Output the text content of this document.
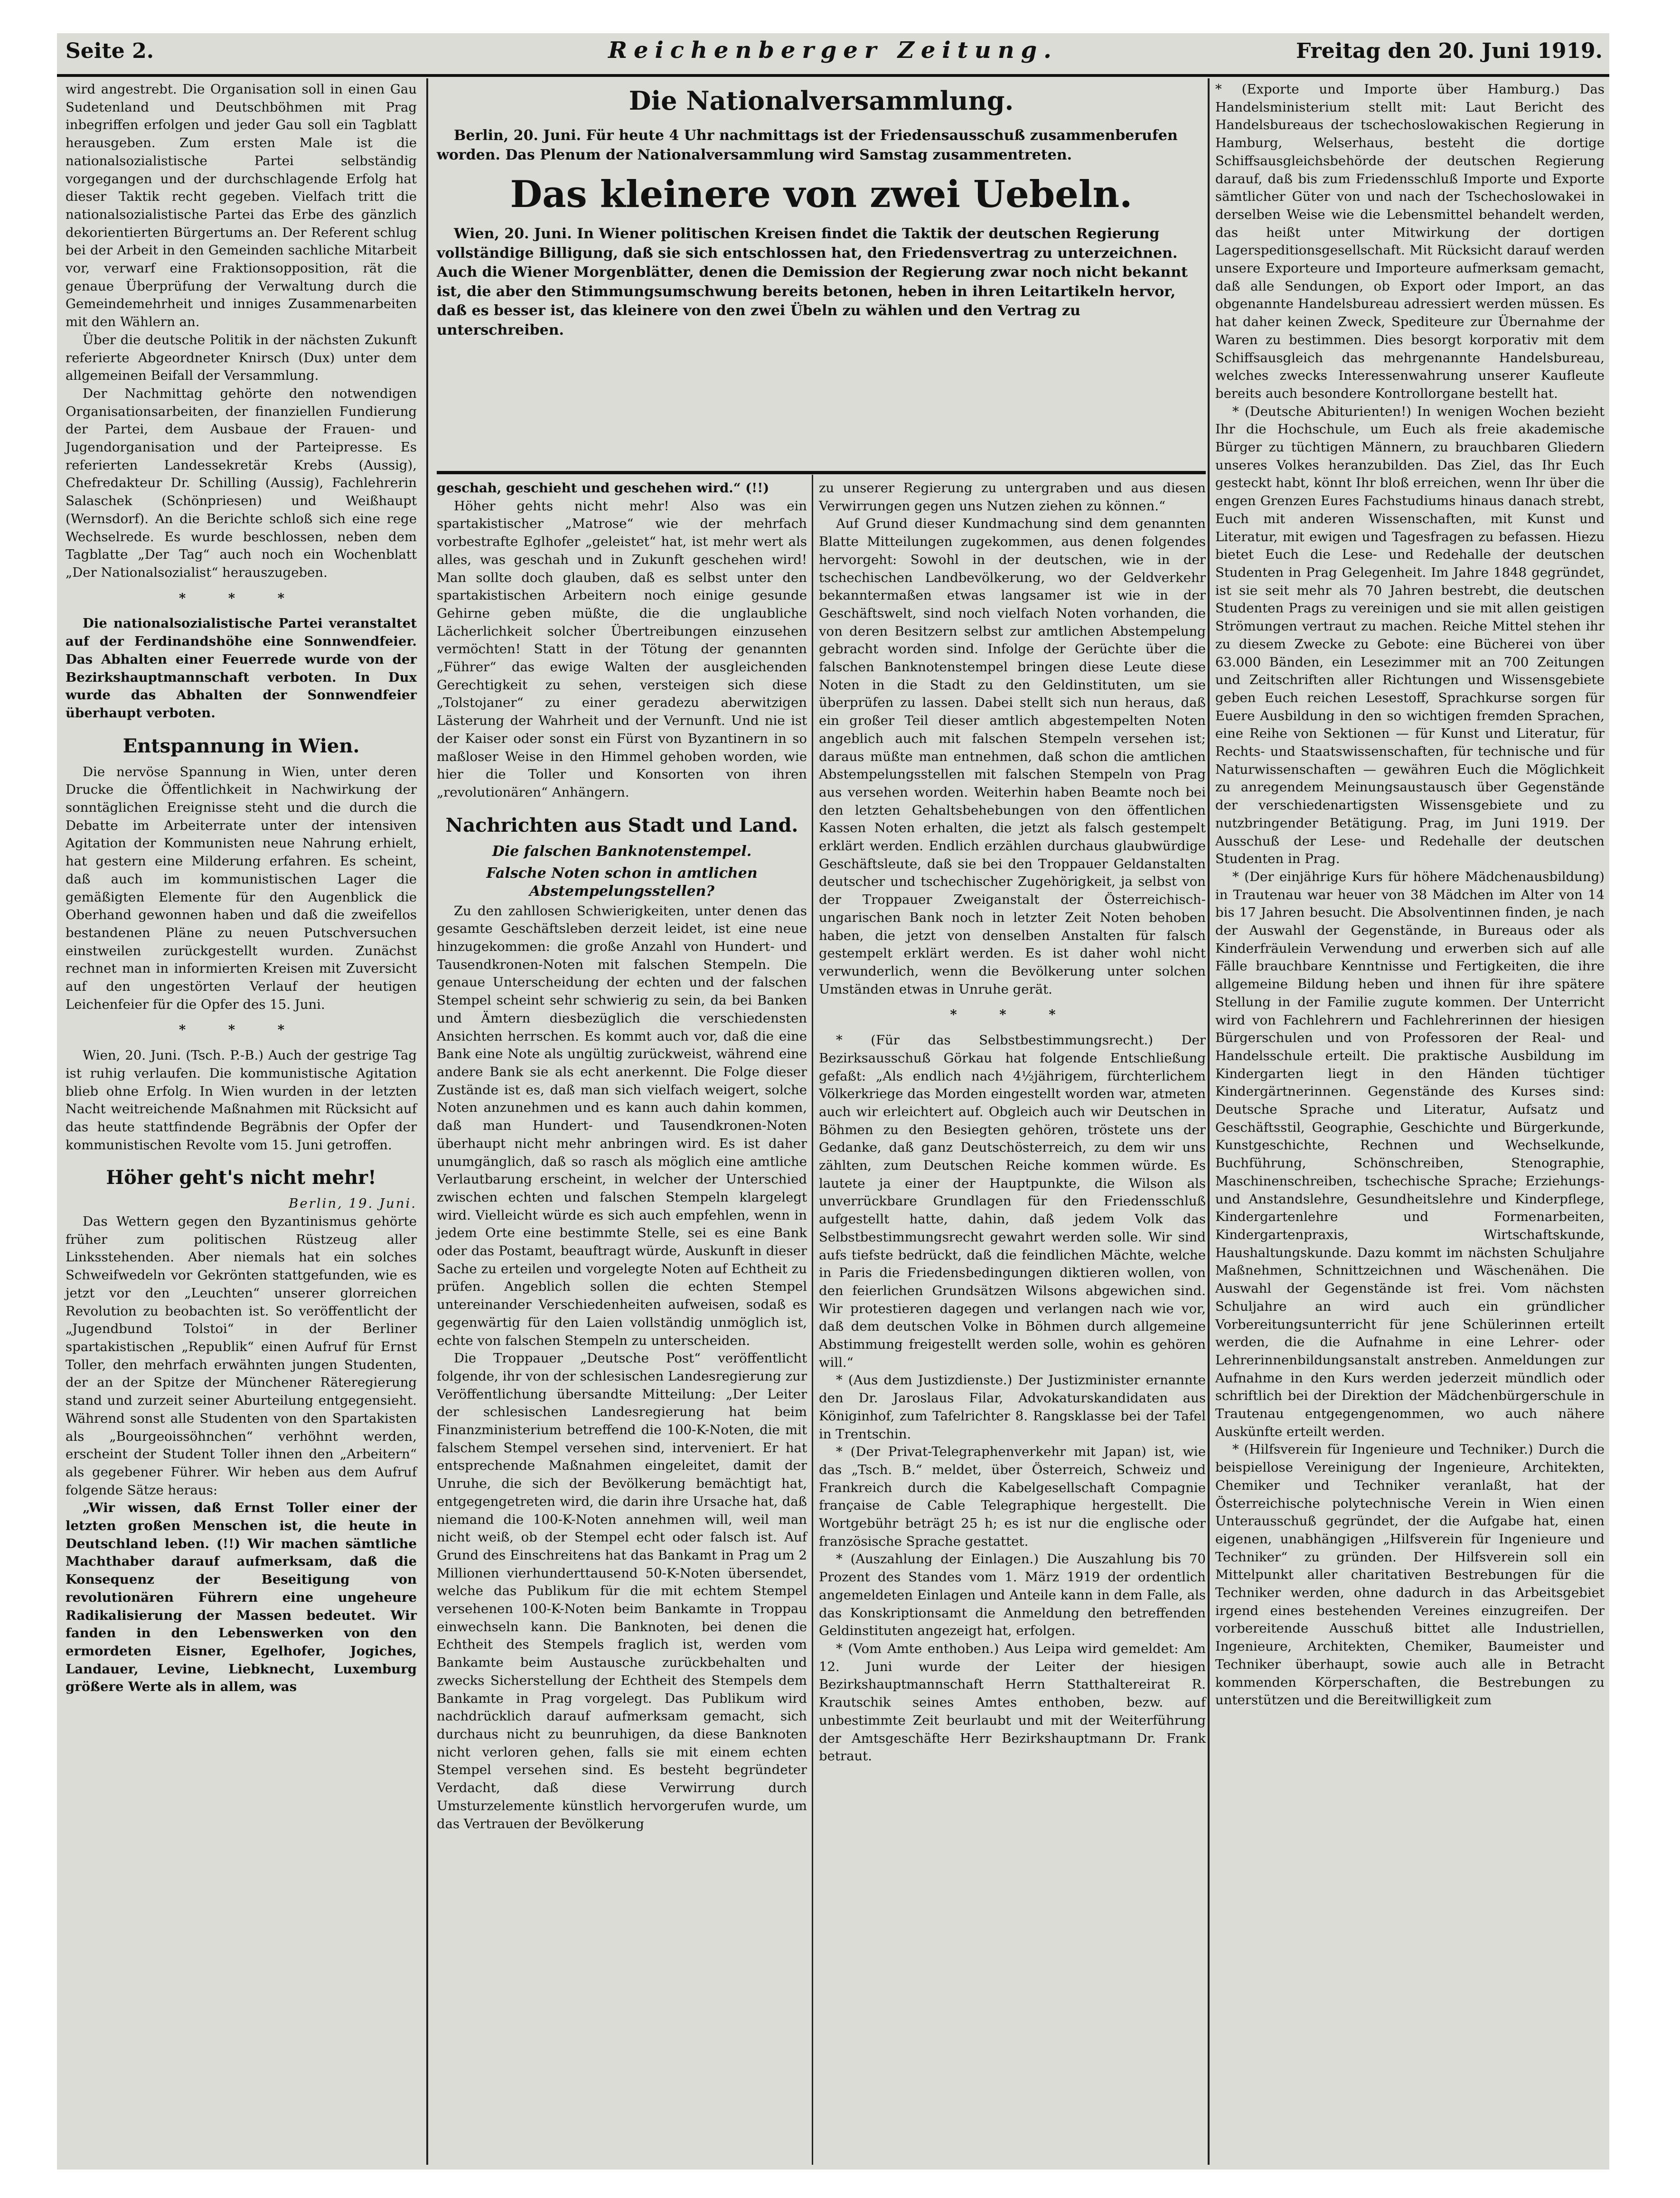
Seite 2.	Reichenberger Zeitung.	Freitag den 20. Juni 1919.

wird angestrebt. Die Organisation soll in einen Gau Sudetenland und Deutschböhmen mit Prag inbegriffen erfolgen und jeder Gau soll ein Tagblatt herausgeben. Zum ersten Male ist die nationalsozialistische Partei selbständig vorgegangen und der durchschlagende Erfolg hat dieser Taktik recht gegeben. Vielfach tritt die nationalsozialistische Partei das Erbe des gänzlich dekorientierten Bürgertums an. Der Referent schlug bei der Arbeit in den Gemeinden sachliche Mitarbeit vor, verwarf eine Fraktionsopposition, rät die genaue Überprüfung der Verwaltung durch die Gemeindemehrheit und inniges Zusammenarbeiten mit den Wählern an.

Über die deutsche Politik in der nächsten Zukunft referierte Abgeordneter Knirsch (Dux) unter dem allgemeinen Beifall der Versammlung.

Der Nachmittag gehörte den notwendigen Organisationsarbeiten, der finanziellen Fundierung der Partei, dem Ausbaue der Frauen- und Jugendorganisation und der Parteipresse. Es referierten Landessekretär Krebs (Aussig), Chefredakteur Dr. Schilling (Aussig), Fachlehrerin Salaschek (Schönpriesen) und Weißhaupt (Wernsdorf). An die Berichte schloß sich eine rege Wechselrede. Es wurde beschlossen, neben dem Tagblatte „Der Tag“ auch noch ein Wochenblatt „Der Nationalsozialist“ herauszugeben.

* * *

Die nationalsozialistische Partei veranstaltet auf der Ferdinandshöhe eine Sonnwendfeier. Das Abhalten einer Feuerrede wurde von der Bezirkshauptmannschaft verboten. In Dux wurde das Abhalten der Sonnwendfeier überhaupt verboten.

Entspannung in Wien.

Die nervöse Spannung in Wien, unter deren Drucke die Öffentlichkeit in Nachwirkung der sonntäglichen Ereignisse steht und die durch die Debatte im Arbeiterrate unter der intensiven Agitation der Kommunisten neue Nahrung erhielt, hat gestern eine Milderung erfahren. Es scheint, daß auch im kommunistischen Lager die gemäßigten Elemente für den Augenblick die Oberhand gewonnen haben und daß die zweifellos bestandenen Pläne zu neuen Putschversuchen einstweilen zurückgestellt wurden. Zunächst rechnet man in informierten Kreisen mit Zuversicht auf den ungestörten Verlauf der heutigen Leichenfeier für die Opfer des 15. Juni.

* * *

Wien, 20. Juni. (Tsch. P.-B.) Auch der gestrige Tag ist ruhig verlaufen. Die kommunistische Agitation blieb ohne Erfolg. In Wien wurden in der letzten Nacht weitreichende Maßnahmen mit Rücksicht auf das heute stattfindende Begräbnis der Opfer der kommunistischen Revolte vom 15. Juni getroffen.

Höher geht's nicht mehr!

Berlin, 19. Juni.

Das Wettern gegen den Byzantinismus gehörte früher zum politischen Rüstzeug aller Linksstehenden. Aber niemals hat ein solches Schweifwedeln vor Gekrönten stattgefunden, wie es jetzt vor den „Leuchten“ unserer glorreichen Revolution zu beobachten ist. So veröffentlicht der „Jugendbund Tolstoi“ in der Berliner spartakistischen „Republik“ einen Aufruf für Ernst Toller, den mehrfach erwähnten jungen Studenten, der an der Spitze der Münchener Räteregierung stand und zurzeit seiner Aburteilung entgegensieht. Während sonst alle Studenten von den Spartakisten als „Bourgeoissöhnchen“ verhöhnt werden, erscheint der Student Toller ihnen den „Arbeitern“ als gegebener Führer. Wir heben aus dem Aufruf folgende Sätze heraus:

„Wir wissen, daß Ernst Toller einer der letzten großen Menschen ist, die heute in Deutschland leben. (!!) Wir machen sämtliche Machthaber darauf aufmerksam, daß die Konsequenz der Beseitigung von revolutionären Führern eine ungeheure Radikalisierung der Massen bedeutet. Wir fanden in den Lebenswerken von den ermordeten Eisner, Egelhofer, Jogiches, Landauer, Levine, Liebknecht, Luxemburg größere Werte als in allem, was

Die Nationalversammlung.

Berlin, 20. Juni. Für heute 4 Uhr nachmittags ist der Friedensausschuß zusammenberufen worden. Das Plenum der Nationalversammlung wird Samstag zusammentreten.

Das kleinere von zwei Uebeln.

Wien, 20. Juni. In Wiener politischen Kreisen findet die Taktik der deutschen Regierung vollständige Billigung, daß sie sich entschlossen hat, den Friedensvertrag zu unterzeichnen. Auch die Wiener Morgenblätter, denen die Demission der Regierung zwar noch nicht bekannt ist, die aber den Stimmungsumschwung bereits betonen, heben in ihren Leitartikeln hervor, daß es besser ist, das kleinere von den zwei Übeln zu wählen und den Vertrag zu unterschreiben.

geschah, geschieht und geschehen wird.“ (!!)

Höher gehts nicht mehr! Also was ein spartakistischer „Matrose“ wie der mehrfach vorbestrafte Eglhofer „geleistet“ hat, ist mehr wert als alles, was geschah und in Zukunft geschehen wird! Man sollte doch glauben, daß es selbst unter den spartakistischen Arbeitern noch einige gesunde Gehirne geben müßte, die die unglaubliche Lächerlichkeit solcher Übertreibungen einzusehen vermöchten! Statt in der Tötung der genannten „Führer“ das ewige Walten der ausgleichenden Gerechtigkeit zu sehen, versteigen sich diese „Tolstojaner“ zu einer geradezu aberwitzigen Lästerung der Wahrheit und der Vernunft. Und nie ist der Kaiser oder sonst ein Fürst von Byzantinern in so maßloser Weise in den Himmel gehoben worden, wie hier die Toller und Konsorten von ihren „revolutionären“ Anhängern.

Nachrichten aus Stadt und Land.
Die falschen Banknotenstempel.
Falsche Noten schon in amtlichen Abstempelungsstellen?

Zu den zahllosen Schwierigkeiten, unter denen das gesamte Geschäftsleben derzeit leidet, ist eine neue hinzugekommen: die große Anzahl von Hundert- und Tausendkronen-Noten mit falschen Stempeln. Die genaue Unterscheidung der echten und der falschen Stempel scheint sehr schwierig zu sein, da bei Banken und Ämtern diesbezüglich die verschiedensten Ansichten herrschen. Es kommt auch vor, daß die eine Bank eine Note als ungültig zurückweist, während eine andere Bank sie als echt anerkennt. Die Folge dieser Zustände ist es, daß man sich vielfach weigert, solche Noten anzunehmen und es kann auch dahin kommen, daß man Hundert- und Tausendkronen-Noten überhaupt nicht mehr anbringen wird. Es ist daher unumgänglich, daß so rasch als möglich eine amtliche Verlautbarung erscheint, in welcher der Unterschied zwischen echten und falschen Stempeln klargelegt wird. Vielleicht würde es sich auch empfehlen, wenn in jedem Orte eine bestimmte Stelle, sei es eine Bank oder das Postamt, beauftragt würde, Auskunft in dieser Sache zu erteilen und vorgelegte Noten auf Echtheit zu prüfen. Angeblich sollen die echten Stempel untereinander Verschiedenheiten aufweisen, sodaß es gegenwärtig für den Laien vollständig unmöglich ist, echte von falschen Stempeln zu unterscheiden.

Die Troppauer „Deutsche Post“ veröffentlicht folgende, ihr von der schlesischen Landesregierung zur Veröffentlichung übersandte Mitteilung: „Der Leiter der schlesischen Landesregierung hat beim Finanzministerium betreffend die 100-K-Noten, die mit falschem Stempel versehen sind, interveniert. Er hat entsprechende Maßnahmen eingeleitet, damit der Unruhe, die sich der Bevölkerung bemächtigt hat, entgegengetreten wird, die darin ihre Ursache hat, daß niemand die 100-K-Noten annehmen will, weil man nicht weiß, ob der Stempel echt oder falsch ist. Auf Grund des Einschreitens hat das Bankamt in Prag um 2 Millionen vierhunderttausend 50-K-Noten übersendet, welche das Publikum für die mit echtem Stempel versehenen 100-K-Noten beim Bankamte in Troppau einwechseln kann. Die Banknoten, bei denen die Echtheit des Stempels fraglich ist, werden vom Bankamte beim Austausche zurückbehalten und zwecks Sicherstellung der Echtheit des Stempels dem Bankamte in Prag vorgelegt. Das Publikum wird nachdrücklich darauf aufmerksam gemacht, sich durchaus nicht zu beunruhigen, da diese Banknoten nicht verloren gehen, falls sie mit einem echten Stempel versehen sind. Es besteht begründeter Verdacht, daß diese Verwirrung durch Umsturzelemente künstlich hervorgerufen wurde, um das Vertrauen der Bevölkerung

zu unserer Regierung zu untergraben und aus diesen Verwirrungen gegen uns Nutzen ziehen zu können.“

Auf Grund dieser Kundmachung sind dem genannten Blatte Mitteilungen zugekommen, aus denen folgendes hervorgeht: Sowohl in der deutschen, wie in der tschechischen Landbevölkerung, wo der Geldverkehr bekanntermaßen etwas langsamer ist wie in der Geschäftswelt, sind noch vielfach Noten vorhanden, die von deren Besitzern selbst zur amtlichen Abstempelung gebracht worden sind. Infolge der Gerüchte über die falschen Banknotenstempel bringen diese Leute diese Noten in die Stadt zu den Geldinstituten, um sie überprüfen zu lassen. Dabei stellt sich nun heraus, daß ein großer Teil dieser amtlich abgestempelten Noten angeblich auch mit falschen Stempeln versehen ist; daraus müßte man entnehmen, daß schon die amtlichen Abstempelungsstellen mit falschen Stempeln von Prag aus versehen worden. Weiterhin haben Beamte noch bei den letzten Gehaltsbehebungen von den öffentlichen Kassen Noten erhalten, die jetzt als falsch gestempelt erklärt werden. Endlich erzählen durchaus glaubwürdige Geschäftsleute, daß sie bei den Troppauer Geldanstalten deutscher und tschechischer Zugehörigkeit, ja selbst von der Troppauer Zweiganstalt der Österreichisch-ungarischen Bank noch in letzter Zeit Noten behoben haben, die jetzt von denselben Anstalten für falsch gestempelt erklärt werden. Es ist daher wohl nicht verwunderlich, wenn die Bevölkerung unter solchen Umständen etwas in Unruhe gerät.

* * *

* (Für das Selbstbestimmungsrecht.) Der Bezirksausschuß Görkau hat folgende Entschließung gefaßt: „Als endlich nach 4½jährigem, fürchterlichem Völkerkriege das Morden eingestellt worden war, atmeten auch wir erleichtert auf. Obgleich auch wir Deutschen in Böhmen zu den Besiegten gehören, tröstete uns der Gedanke, daß ganz Deutschösterreich, zu dem wir uns zählten, zum Deutschen Reiche kommen würde. Es lautete ja einer der Hauptpunkte, die Wilson als unverrückbare Grundlagen für den Friedensschluß aufgestellt hatte, dahin, daß jedem Volk das Selbstbestimmungsrecht gewahrt werden solle. Wir sind aufs tiefste bedrückt, daß die feindlichen Mächte, welche in Paris die Friedensbedingungen diktieren wollen, von den feierlichen Grundsätzen Wilsons abgewichen sind. Wir protestieren dagegen und verlangen nach wie vor, daß dem deutschen Volke in Böhmen durch allgemeine Abstimmung freigestellt werden solle, wohin es gehören will.“

* (Aus dem Justizdienste.) Der Justizminister ernannte den Dr. Jaroslaus Filar, Advokaturskandidaten aus Königinhof, zum Tafelrichter 8. Rangsklasse bei der Tafel in Trentschin.

* (Der Privat-Telegraphenverkehr mit Japan) ist, wie das „Tsch. B.“ meldet, über Österreich, Schweiz und Frankreich durch die Kabelgesellschaft Compagnie française de Cable Telegraphique hergestellt. Die Wortgebühr beträgt 25 h; es ist nur die englische oder französische Sprache gestattet.

* (Auszahlung der Einlagen.) Die Auszahlung bis 70 Prozent des Standes vom 1. März 1919 der ordentlich angemeldeten Einlagen und Anteile kann in dem Falle, als das Konskriptionsamt die Anmeldung den betreffenden Geldinstituten angezeigt hat, erfolgen.

* (Vom Amte enthoben.) Aus Leipa wird gemeldet: Am 12. Juni wurde der Leiter der hiesigen Bezirkshauptmannschaft Herrn Statthaltereirat R. Krautschik seines Amtes enthoben, bezw. auf unbestimmte Zeit beurlaubt und mit der Weiterführung der Amtsgeschäfte Herr Bezirkshauptmann Dr. Frank betraut.

* (Exporte und Importe über Hamburg.) Das Handelsministerium stellt mit: Laut Bericht des Handelsbureaus der tschechoslowakischen Regierung in Hamburg, Welserhaus, besteht die dortige Schiffsausgleichsbehörde der deutschen Regierung darauf, daß bis zum Friedensschluß Importe und Exporte sämtlicher Güter von und nach der Tschechoslowakei in derselben Weise wie die Lebensmittel behandelt werden, das heißt unter Mitwirkung der dortigen Lagerspeditionsgesellschaft. Mit Rücksicht darauf werden unsere Exporteure und Importeure aufmerksam gemacht, daß alle Sendungen, ob Export oder Import, an das obgenannte Handelsbureau adressiert werden müssen. Es hat daher keinen Zweck, Spediteure zur Übernahme der Waren zu bestimmen. Dies besorgt korporativ mit dem Schiffsausgleich das mehrgenannte Handelsbureau, welches zwecks Interessenwahrung unserer Kaufleute bereits auch besondere Kontrollorgane bestellt hat.

* (Deutsche Abiturienten!) In wenigen Wochen bezieht Ihr die Hochschule, um Euch als freie akademische Bürger zu tüchtigen Männern, zu brauchbaren Gliedern unseres Volkes heranzubilden. Das Ziel, das Ihr Euch gesteckt habt, könnt Ihr bloß erreichen, wenn Ihr über die engen Grenzen Eures Fachstudiums hinaus danach strebt, Euch mit anderen Wissenschaften, mit Kunst und Literatur, mit ewigen und Tagesfragen zu befassen. Hiezu bietet Euch die Lese- und Redehalle der deutschen Studenten in Prag Gelegenheit. Im Jahre 1848 gegründet, ist sie seit mehr als 70 Jahren bestrebt, die deutschen Studenten Prags zu vereinigen und sie mit allen geistigen Strömungen vertraut zu machen. Reiche Mittel stehen ihr zu diesem Zwecke zu Gebote: eine Bücherei von über 63.000 Bänden, ein Lesezimmer mit an 700 Zeitungen und Zeitschriften aller Richtungen und Wissensgebiete geben Euch reichen Lesestoff, Sprachkurse sorgen für Euere Ausbildung in den so wichtigen fremden Sprachen, eine Reihe von Sektionen — für Kunst und Literatur, für Rechts- und Staatswissenschaften, für technische und für Naturwissenschaften — gewähren Euch die Möglichkeit zu anregendem Meinungsaustausch über Gegenstände der verschiedenartigsten Wissensgebiete und zu nutzbringender Betätigung. Prag, im Juni 1919. Der Ausschuß der Lese- und Redehalle der deutschen Studenten in Prag.

* (Der einjährige Kurs für höhere Mädchenausbildung) in Trautenau war heuer von 38 Mädchen im Alter von 14 bis 17 Jahren besucht. Die Absolventinnen finden, je nach der Auswahl der Gegenstände, in Bureaus oder als Kinderfräulein Verwendung und erwerben sich auf alle Fälle brauchbare Kenntnisse und Fertigkeiten, die ihre allgemeine Bildung heben und ihnen für ihre spätere Stellung in der Familie zugute kommen. Der Unterricht wird von Fachlehrern und Fachlehrerinnen der hiesigen Bürgerschulen und von Professoren der Real- und Handelsschule erteilt. Die praktische Ausbildung im Kindergarten liegt in den Händen tüchtiger Kindergärtnerinnen. Gegenstände des Kurses sind: Deutsche Sprache und Literatur, Aufsatz und Geschäftsstil, Geographie, Geschichte und Bürgerkunde, Kunstgeschichte, Rechnen und Wechselkunde, Buchführung, Schönschreiben, Stenographie, Maschinenschreiben, tschechische Sprache; Erziehungs- und Anstandslehre, Gesundheitslehre und Kinderpflege, Kindergartenlehre und Formenarbeiten, Kindergartenpraxis, Wirtschaftskunde, Haushaltungskunde. Dazu kommt im nächsten Schuljahre Maßnehmen, Schnittzeichnen und Wäschenähen. Die Auswahl der Gegenstände ist frei. Vom nächsten Schuljahre an wird auch ein gründlicher Vorbereitungsunterricht für jene Schülerinnen erteilt werden, die die Aufnahme in eine Lehrer- oder Lehrerinnenbildungsanstalt anstreben. Anmeldungen zur Aufnahme in den Kurs werden jederzeit mündlich oder schriftlich bei der Direktion der Mädchenbürgerschule in Trautenau entgegengenommen, wo auch nähere Auskünfte erteilt werden.

* (Hilfsverein für Ingenieure und Techniker.) Durch die beispiellose Vereinigung der Ingenieure, Architekten, Chemiker und Techniker veranlaßt, hat der Österreichische polytechnische Verein in Wien einen Unterausschuß gegründet, der die Aufgabe hat, einen eigenen, unabhängigen „Hilfsverein für Ingenieure und Techniker“ zu gründen. Der Hilfsverein soll ein Mittelpunkt aller charitativen Bestrebungen für die Techniker werden, ohne dadurch in das Arbeitsgebiet irgend eines bestehenden Vereines einzugreifen. Der vorbereitende Ausschuß bittet alle Industriellen, Ingenieure, Architekten, Chemiker, Baumeister und Techniker überhaupt, sowie auch alle in Betracht kommenden Körperschaften, die Bestrebungen zu unterstützen und die Bereitwilligkeit zum
